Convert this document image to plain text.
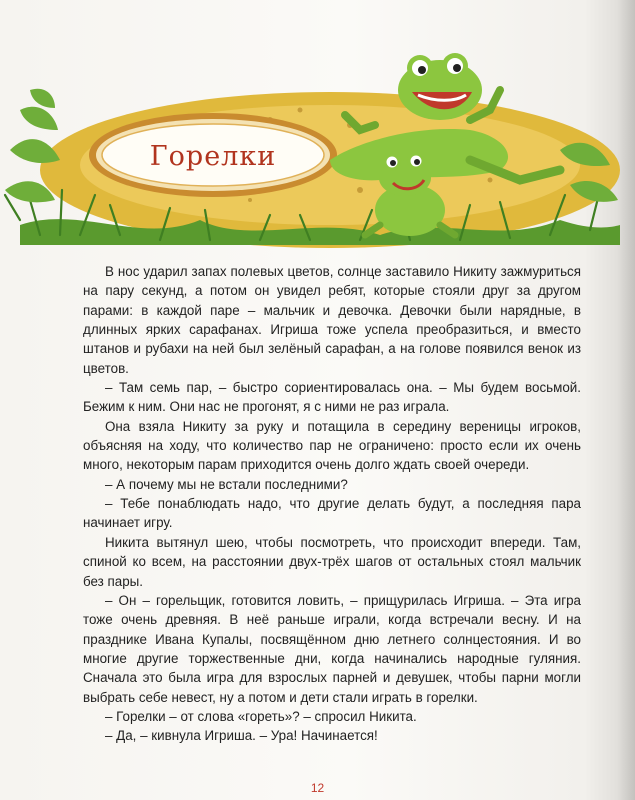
Горелки

В нос ударил запах полевых цветов, солнце заставило Никиту зажмуриться на пару секунд, а потом он увидел ребят, которые стояли друг за другом парами: в каждой паре – мальчик и девочка. Девочки были нарядные, в длинных ярких сарафанах. Игриша тоже успела преобразиться, и вместо штанов и рубахи на ней был зелёный сарафан, а на голове появился венок из цветов.

– Там семь пар, – быстро сориентировалась она. – Мы будем восьмой. Бежим к ним. Они нас не прогонят, я с ними не раз играла.

Она взяла Никиту за руку и потащила в середину вереницы игроков, объясняя на ходу, что количество пар не ограничено: просто если их очень много, некоторым парам приходится очень долго ждать своей очереди.

– А почему мы не встали последними?

– Тебе понаблюдать надо, что другие делать будут, а последняя пара начинает игру.

Никита вытянул шею, чтобы посмотреть, что происходит впереди. Там, спиной ко всем, на расстоянии двух-трёх шагов от остальных стоял мальчик без пары.

– Он – горельщик, готовится ловить, – прищурилась Игриша. – Эта игра тоже очень древняя. В неё раньше играли, когда встречали весну. И на празднике Ивана Купалы, посвящённом дню летнего солнцестояния. И во многие другие торжественные дни, когда начинались народные гуляния. Сначала это была игра для взрослых парней и девушек, чтобы парни могли выбрать себе невест, ну а потом и дети стали играть в горелки.

– Горелки – от слова «гореть»? – спросил Никита.

– Да, – кивнула Игриша. – Ура! Начинается!

12
